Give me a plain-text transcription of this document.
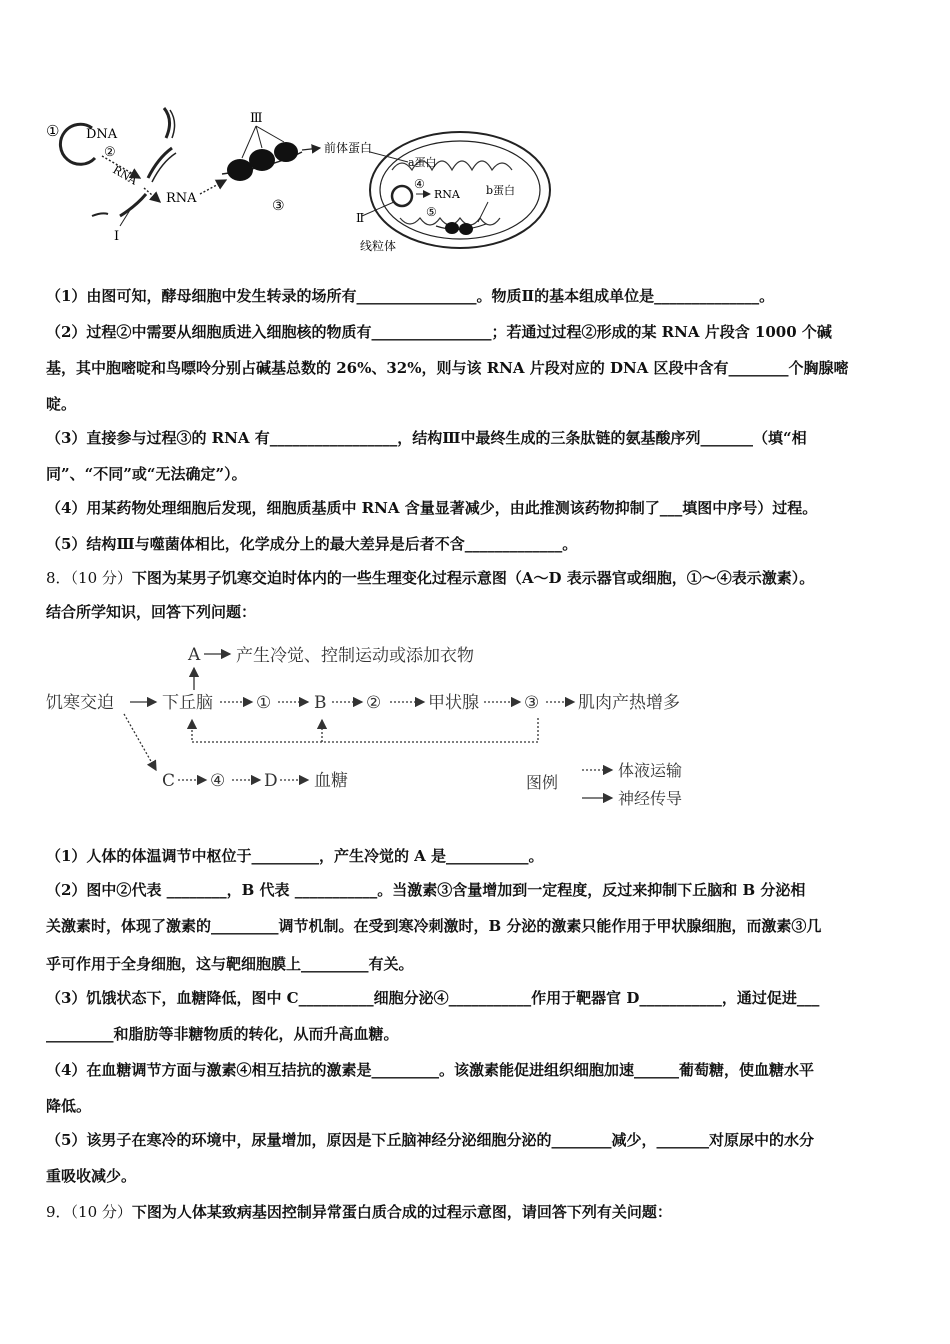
① DNA
②
RNA
I
RNA
Ⅲ
③
前体蛋白
a蛋白
④
RNA b蛋白
⑤
Ⅱ
线粒体
（1）由图可知，酵母细胞中发生转录的场所有________________。物质Ⅱ的基本组成单位是______________。
（2）过程②中需要从细胞质进入细胞核的物质有________________；若通过过程②形成的某 RNA 片段含 1000 个碱
基，其中胞嘧啶和鸟嘌呤分别占碱基总数的 26%、32%，则与该 RNA 片段对应的 DNA 区段中含有________个胸腺嘧
啶。
（3）直接参与过程③的 RNA 有_________________，结构Ⅲ中最终生成的三条肽链的氨基酸序列_______（填“相
同”、“不同”或“无法确定”）。
（4）用某药物处理细胞后发现，细胞质基质中 RNA 含量显著减少，由此推测该药物抑制了___填图中序号）过程。
（5）结构Ⅲ与噬菌体相比，化学成分上的最大差异是后者不含_____________。
8．（10 分）下图为某男子饥寒交迫时体内的一些生理变化过程示意图（A～D 表示器官或细胞，①～④表示激素）。
结合所学知识，回答下列问题：
A 产生冷觉、控制运动或添加衣物
饥寒交迫	下丘脑	①	B ②	甲状腺	③ 肌肉产热增多
C ④ D 血糖	图例
体液运输
神经传导
（1）人体的体温调节中枢位于_________，产生冷觉的 A 是___________。
（2）图中②代表 ________，B 代表 ___________。当激素③含量增加到一定程度，反过来抑制下丘脑和 B 分泌相
关激素时，体现了激素的_________调节机制。在受到寒冷刺激时，B 分泌的激素只能作用于甲状腺细胞，而激素③几
乎可作用于全身细胞，这与靶细胞膜上_________有关。
（3）饥饿状态下，血糖降低，图中 C__________细胞分泌④___________作用于靶器官 D___________，通过促进___
_________和脂肪等非糖物质的转化，从而升高血糖。
（4）在血糖调节方面与激素④相互拮抗的激素是_________。该激素能促进组织细胞加速______葡萄糖，使血糖水平
降低。
（5）该男子在寒冷的环境中，尿量增加，原因是下丘脑神经分泌细胞分泌的________减少，_______对原尿中的水分
重吸收减少。
9．（10 分）下图为人体某致病基因控制异常蛋白质合成的过程示意图，请回答下列有关问题：
